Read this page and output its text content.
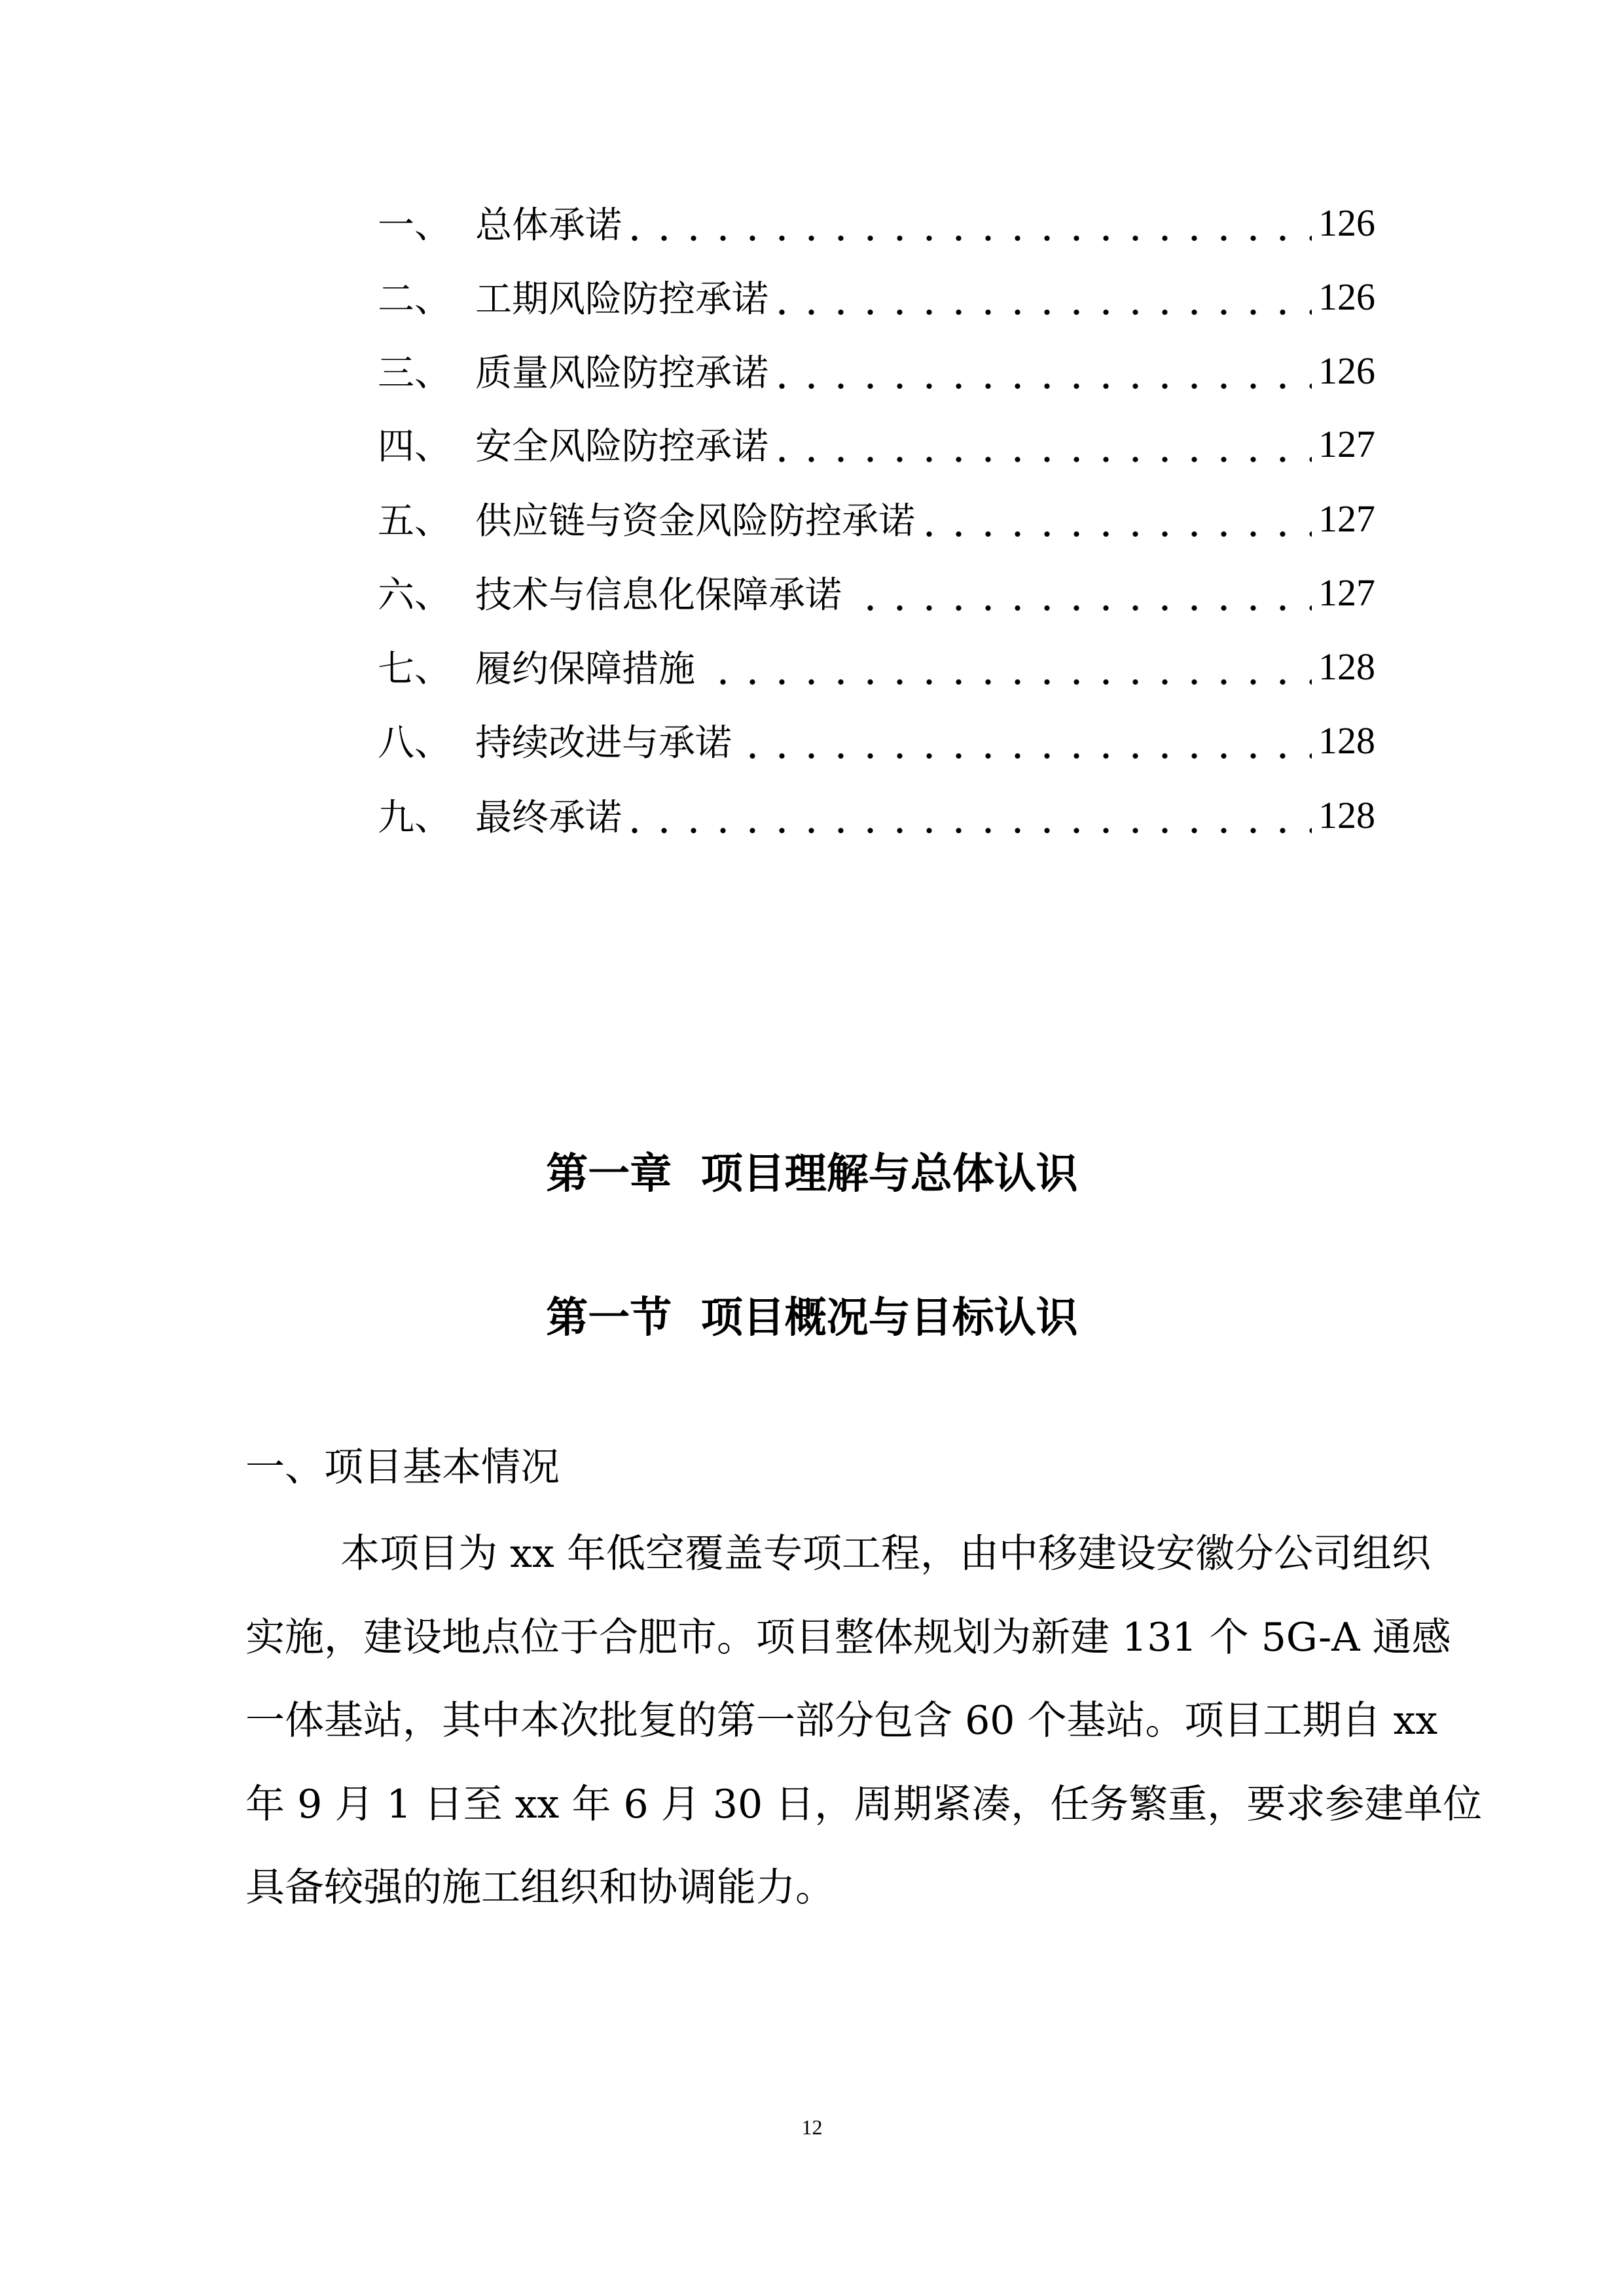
一、 总体承诺	126
二、 工期风险防控承诺	126
三、 质量风险防控承诺	126
四、 安全风险防控承诺	127
五、 供应链与资金风险防控承诺	127
六、 技术与信息化保障承诺	127
七、 履约保障措施	128
八、 持续改进与承诺	128
九、 最终承诺	128
第一章  项目理解与总体认识
第一节  项目概况与目标认识
一、项目基本情况
本项目为 xx 年低空覆盖专项工程，由中移建设安徽分公司组织
实施，建设地点位于合肥市。项目整体规划为新建 131 个 5G-A 通感
一体基站，其中本次批复的第一部分包含 60 个基站。项目工期自 xx
年 9 月 1 日至 xx 年 6 月 30 日，周期紧凑，任务繁重，要求参建单位
具备较强的施工组织和协调能力。
12
